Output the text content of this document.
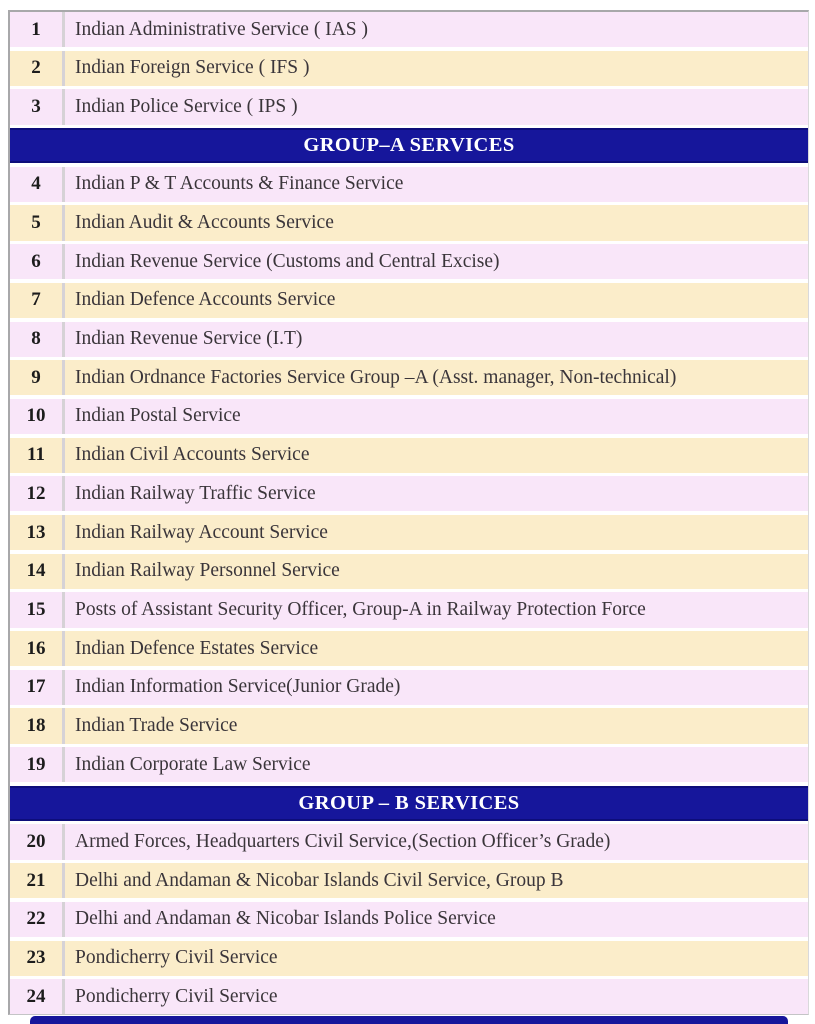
1	Indian Administrative Service ( IAS )
2	Indian Foreign Service ( IFS )
3	Indian Police Service ( IPS )
GROUP–A SERVICES
4	Indian P & T Accounts & Finance Service
5	Indian Audit & Accounts Service
6	Indian Revenue Service (Customs and Central Excise)
7	Indian Defence Accounts Service
8	Indian Revenue Service (I.T)
9	Indian Ordnance Factories Service Group –A (Asst. manager, Non-technical)
10	Indian Postal Service
11	Indian Civil Accounts Service
12	Indian Railway Traffic Service
13	Indian Railway Account Service
14	Indian Railway Personnel Service
15	Posts of Assistant Security Officer, Group-A in Railway Protection Force
16	Indian Defence Estates Service
17	Indian Information Service(Junior Grade)
18	Indian Trade Service
19	Indian Corporate Law Service
GROUP – B SERVICES
20	Armed Forces, Headquarters Civil Service,(Section Officer’s Grade)
21	Delhi and Andaman & Nicobar Islands Civil Service, Group B
22	Delhi and Andaman & Nicobar Islands Police Service
23	Pondicherry Civil Service
24	Pondicherry Civil Service
